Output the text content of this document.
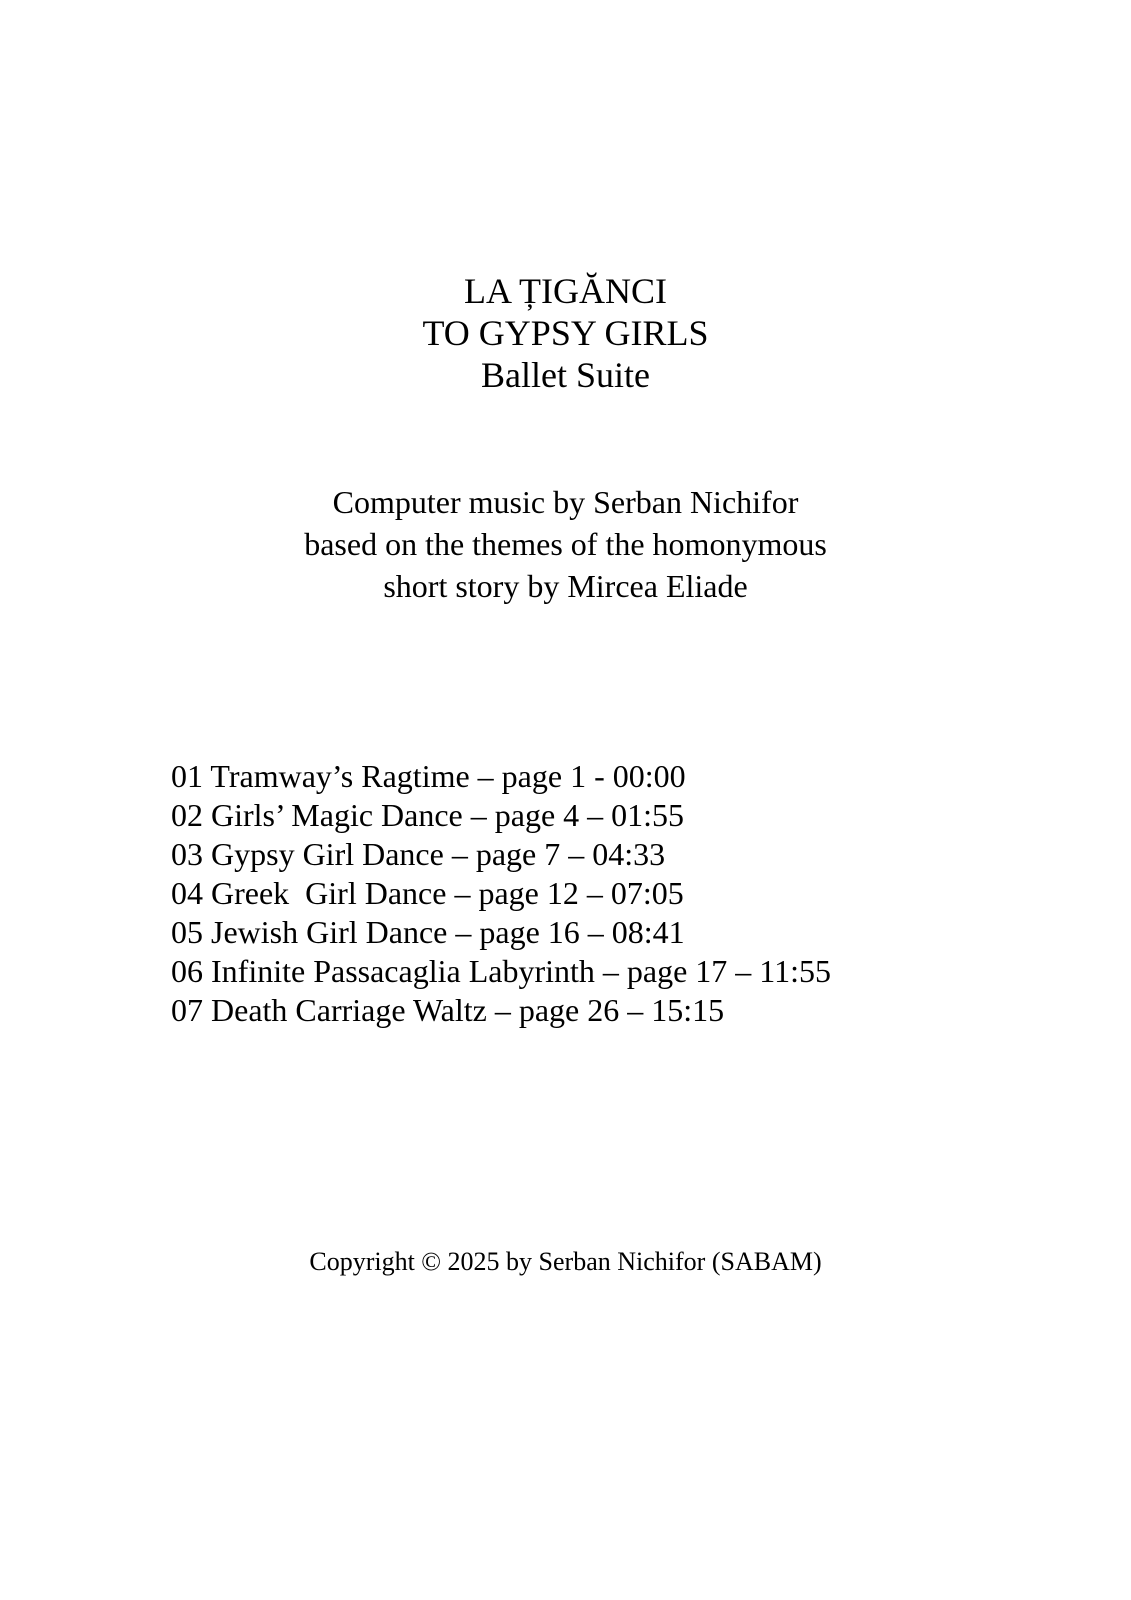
LA ȚIGĂNCI
TO GYPSY GIRLS
Ballet Suite
Computer music by Serban Nichifor
based on the themes of the homonymous
short story by Mircea Eliade
01 Tramway’s Ragtime – page 1 - 00:00
02 Girls’ Magic Dance – page 4 – 01:55
03 Gypsy Girl Dance – page 7 – 04:33
04 Greek  Girl Dance – page 12 – 07:05
05 Jewish Girl Dance – page 16 – 08:41
06 Infinite Passacaglia Labyrinth – page 17 – 11:55
07 Death Carriage Waltz – page 26 – 15:15
Copyright © 2025 by Serban Nichifor (SABAM)
